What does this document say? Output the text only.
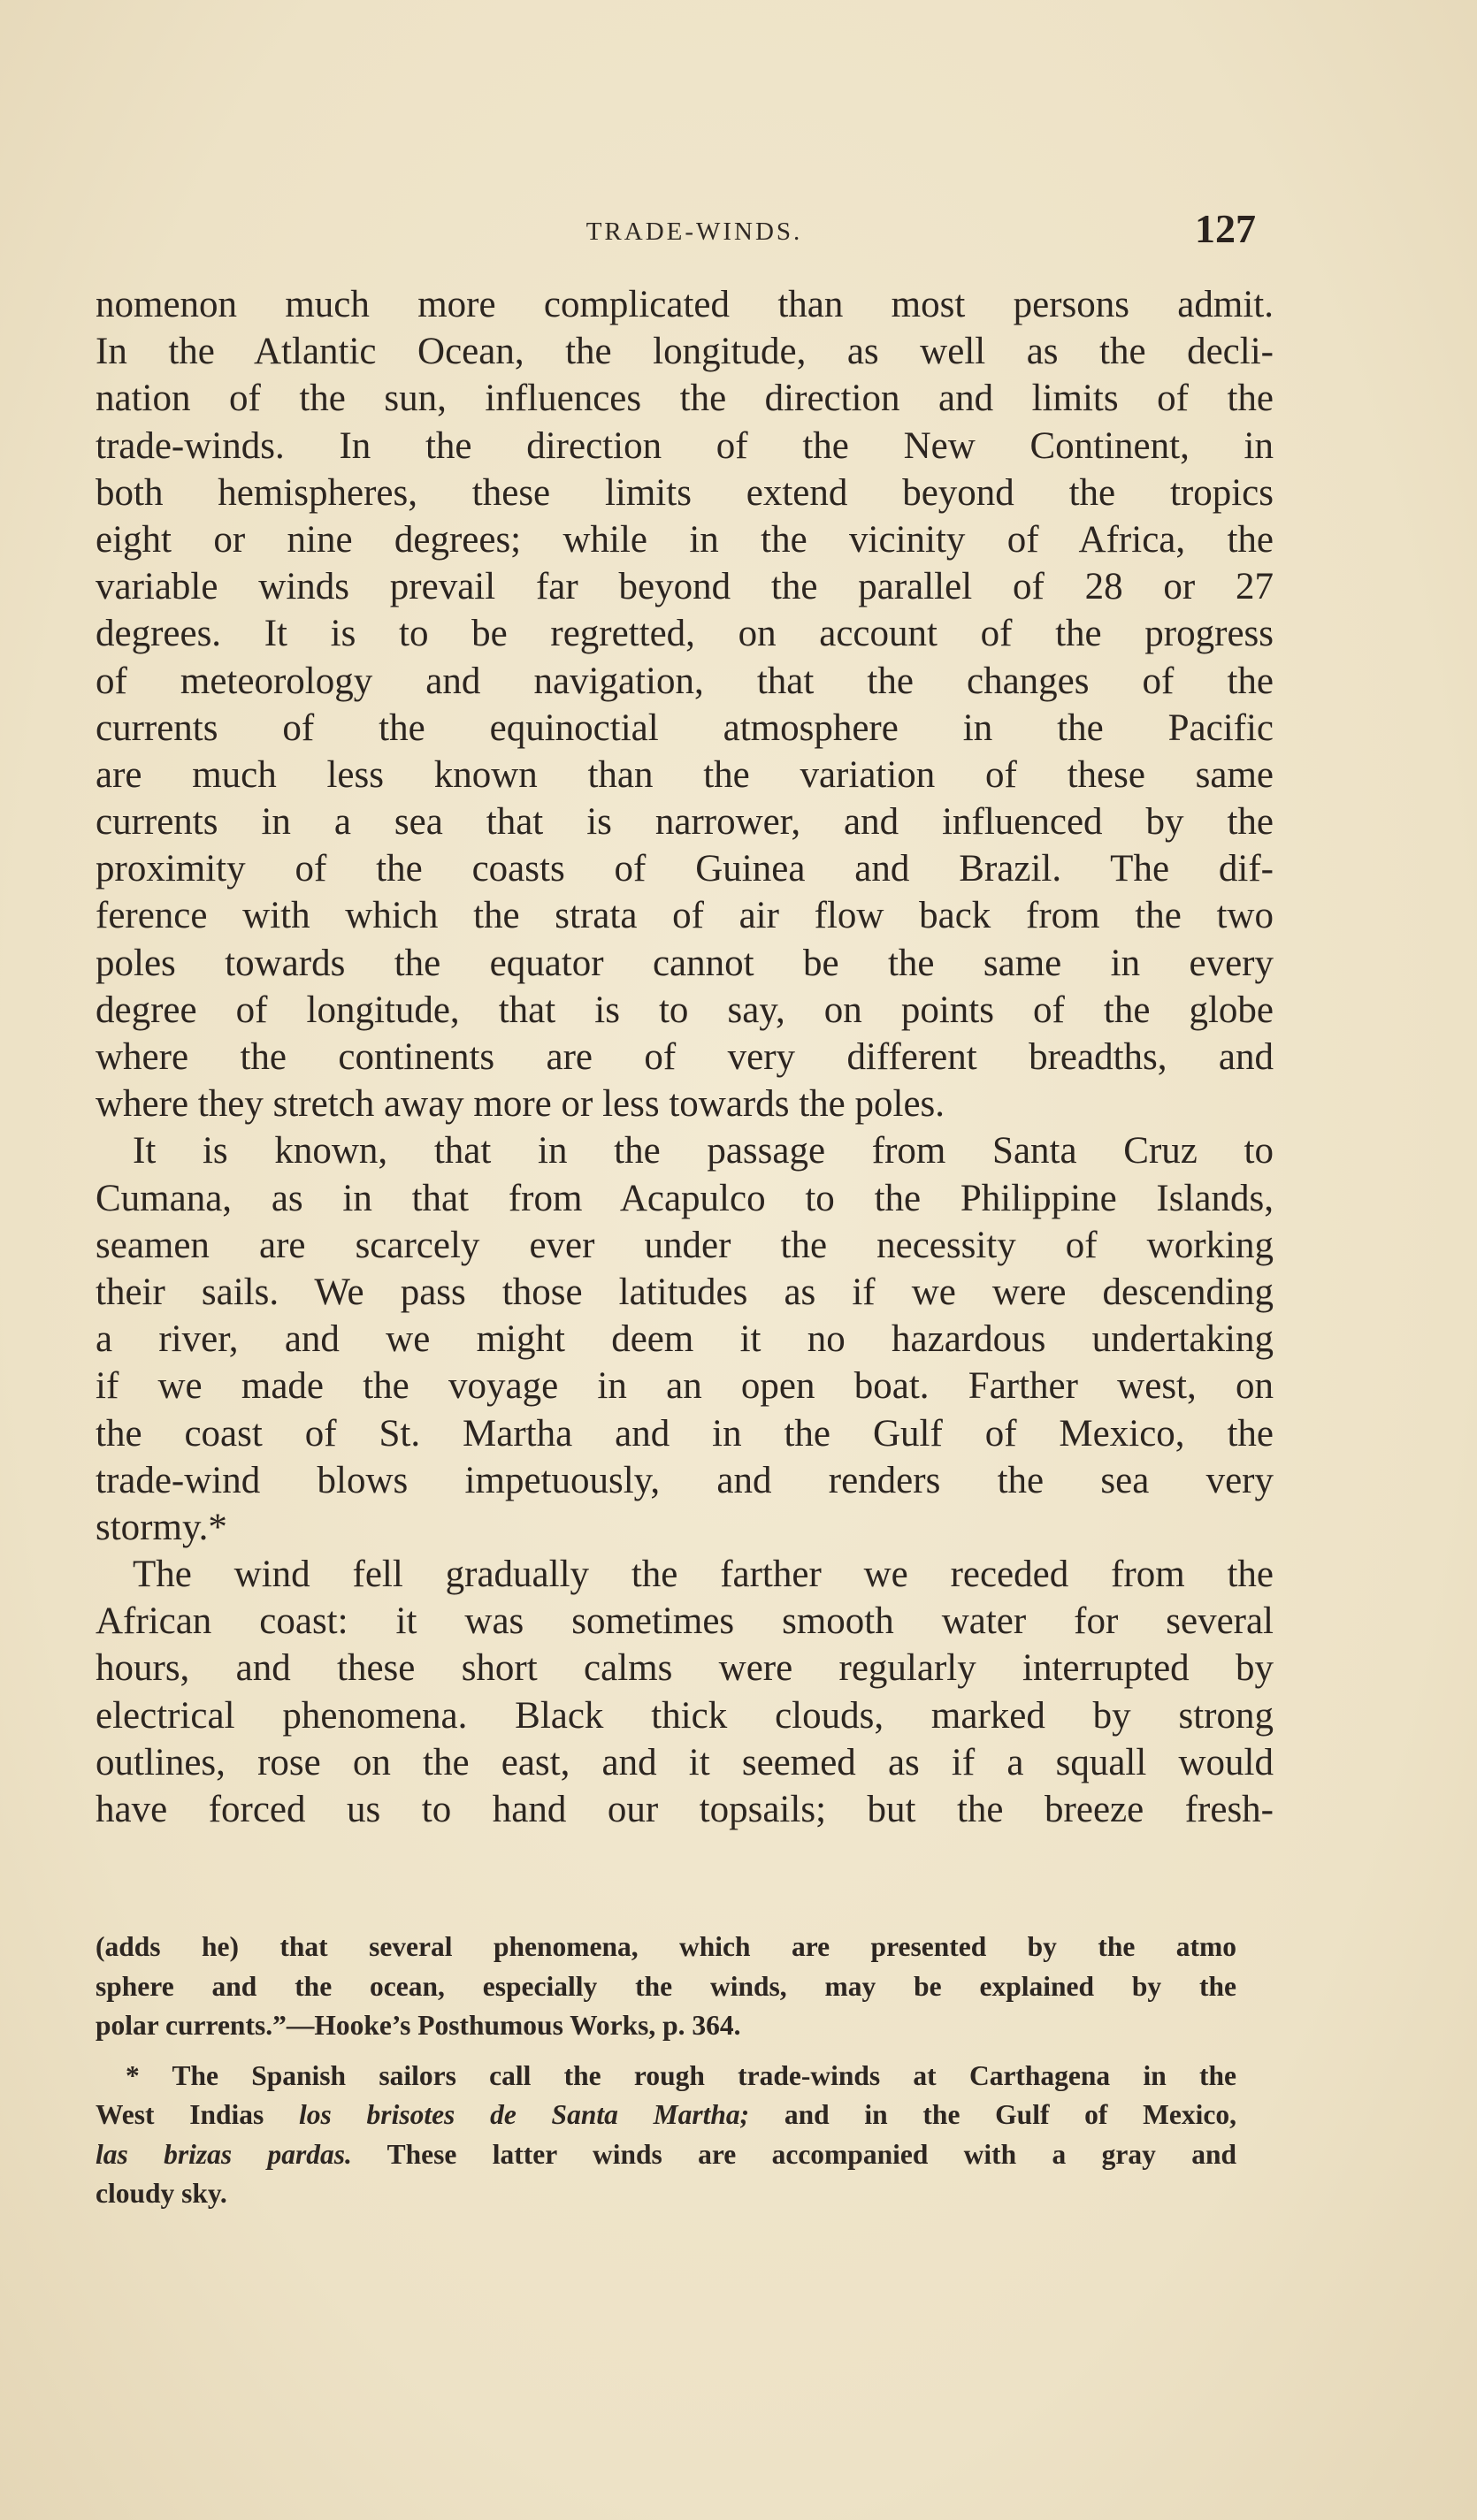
TRADE-WINDS.	127
nomenon much more complicated than most persons admit.
In the Atlantic Ocean, the longitude, as well as the decli-
nation of the sun, influences the direction and limits of the
trade-winds. In the direction of the New Continent, in
both hemispheres, these limits extend beyond the tropics
eight or nine degrees; while in the vicinity of Africa, the
variable winds prevail far beyond the parallel of 28 or 27
degrees. It is to be regretted, on account of the progress
of meteorology and navigation, that the changes of the
currents of the equinoctial atmosphere in the Pacific
are much less known than the variation of these same
currents in a sea that is narrower, and influenced by the
proximity of the coasts of Guinea and Brazil. The dif-
ference with which the strata of air flow back from the two
poles towards the equator cannot be the same in every
degree of longitude, that is to say, on points of the globe
where the continents are of very different breadths, and
where they stretch away more or less towards the poles.
It is known, that in the passage from Santa Cruz to
Cumana, as in that from Acapulco to the Philippine Islands,
seamen are scarcely ever under the necessity of working
their sails. We pass those latitudes as if we were descending
a river, and we might deem it no hazardous undertaking
if we made the voyage in an open boat. Farther west, on
the coast of St. Martha and in the Gulf of Mexico, the
trade-wind blows impetuously, and renders the sea very
stormy.*
The wind fell gradually the farther we receded from the
African coast: it was sometimes smooth water for several
hours, and these short calms were regularly interrupted by
electrical phenomena. Black thick clouds, marked by strong
outlines, rose on the east, and it seemed as if a squall would
have forced us to hand our topsails; but the breeze fresh-
(adds he) that several phenomena, which are presented by the atmo
sphere and the ocean, especially the winds, may be explained by the
polar currents.”—Hooke’s Posthumous Works, p. 364.
* The Spanish sailors call the rough trade-winds at Carthagena in the
West Indias los brisotes de Santa Martha; and in the Gulf of Mexico,
las brizas pardas. These latter winds are accompanied with a gray and
cloudy sky.
